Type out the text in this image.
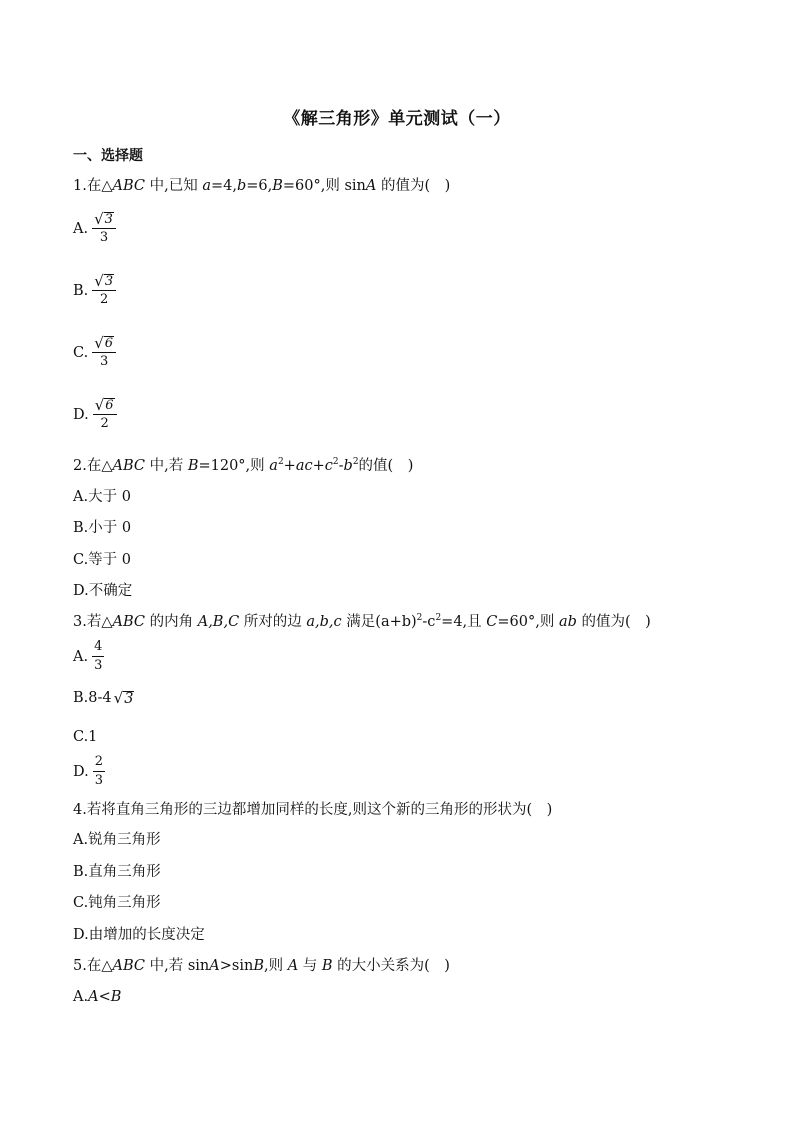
《解三角形》单元测试（一）
一、选择题
1.在△ABC 中,已知 a=4,b=6,B=60°,则 sinA 的值为(　)
A. $\frac{√ 3}{3}$
B. $\frac{√ 3}{2}$
C. $\frac{√ 6}{3}$
D. $\frac{√ 6}{2}$
2.在△ABC 中,若 B=120°,则 $a^2+ac+c^2-b^2$的值(　)
A.大于 0
B.小于 0
C.等于 0
D.不确定
3.若△ABC 的内角 A,B,C 所对的边 a,b,c 满足$(a+b)^2-c^2=4$,且 C=60°,则 ab 的值为(　)
A. $\frac{4}{3}$
B.8-4 √ 3
C.1
D. $\frac{2}{3}$
4.若将直角三角形的三边都增加同样的长度,则这个新的三角形的形状为(　)
A.锐角三角形
B.直角三角形
C.钝角三角形
D.由增加的长度决定
5.在△ABC 中,若 sinA>sinB,则 A 与 B 的大小关系为(　)
A.A<B
